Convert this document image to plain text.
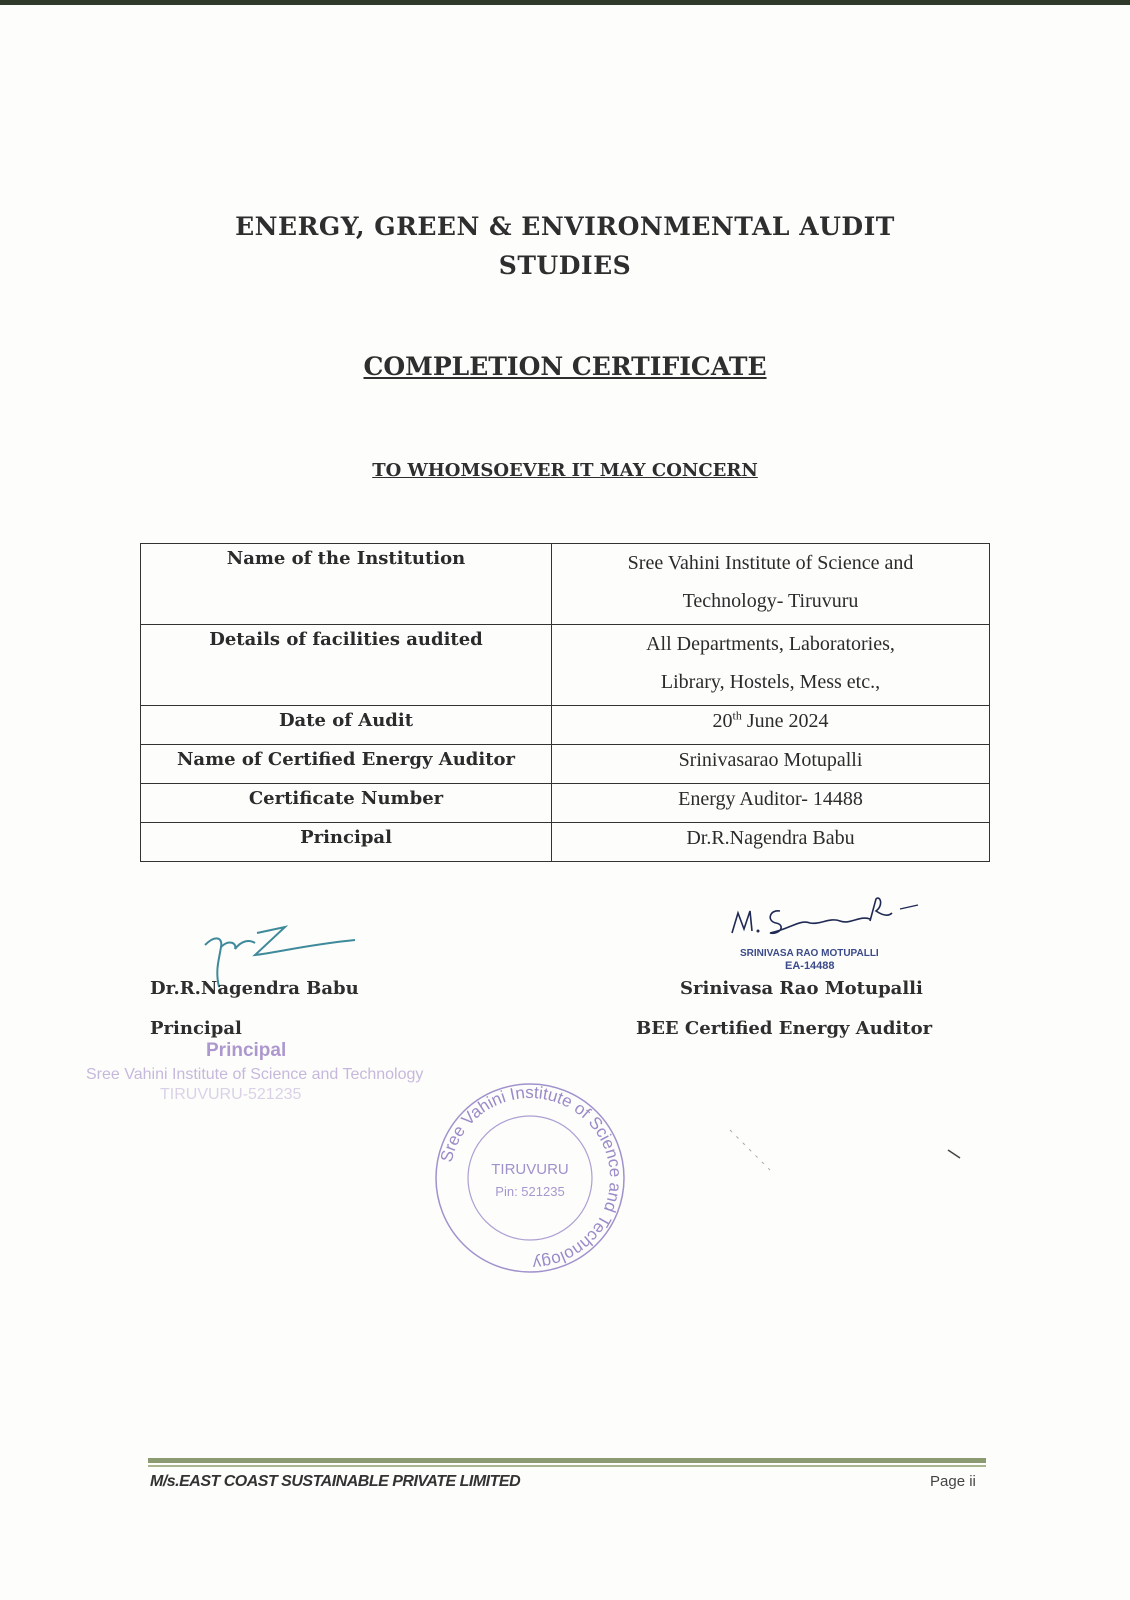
ENERGY, GREEN & ENVIRONMENTAL AUDIT
STUDIES
COMPLETION CERTIFICATE
TO WHOMSOEVER IT MAY CONCERN
Name of the Institution	Sree Vahini Institute of Science and
Technology- Tiruvuru
Details of facilities audited	All Departments, Laboratories,
Library, Hostels, Mess etc.,
Date of Audit	20th June 2024
Name of Certified Energy Auditor	Srinivasarao Motupalli
Certificate Number	Energy Auditor- 14488
Principal	Dr.R.Nagendra Babu
Dr.R.Nagendra Babu
Principal
Principal
Sree Vahini Institute of Science and Technology
TIRUVURU-521235
SRINIVASA RAO MOTUPALLI
EA-14488
Srinivasa Rao Motupalli
BEE Certified Energy Auditor
Sree Vahini Institute of Science and Technology
TIRUVURU
Pin: 521235
M/s.EAST COAST SUSTAINABLE PRIVATE LIMITED	Page ii
